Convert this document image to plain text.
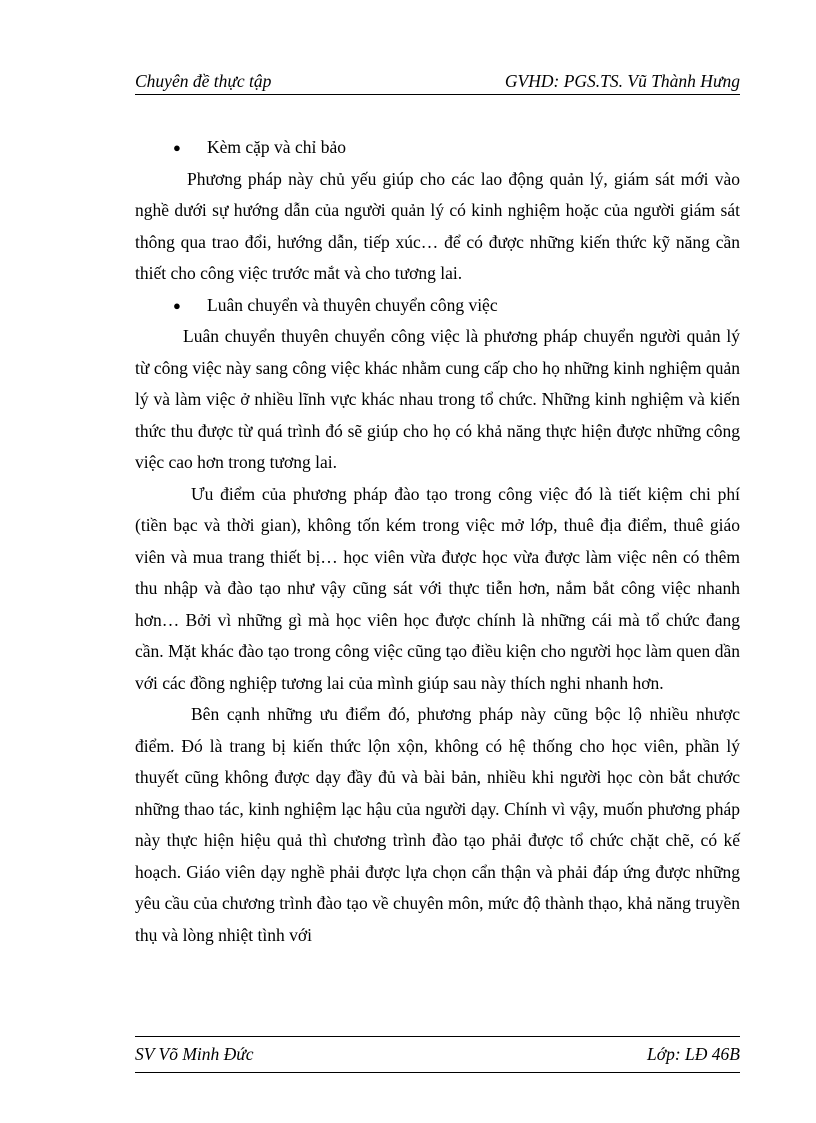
Chuyên đề thực tập	GVHD: PGS.TS. Vũ Thành Hưng
● Kèm cặp và chỉ bảo

Phương pháp này chủ yếu giúp cho các lao động quản lý, giám sát mới vào nghề dưới sự hướng dẫn của người quản lý có kinh nghiệm hoặc của người giám sát thông qua trao đổi, hướng dẫn, tiếp xúc… để có được những kiến thức kỹ năng cần thiết cho công việc trước mắt và cho tương lai.

● Luân chuyển và thuyên chuyển công việc

Luân chuyển thuyên chuyển công việc là phương pháp chuyển người quản lý từ công việc này sang công việc khác nhằm cung cấp cho họ những kinh nghiệm quản lý và làm việc ở nhiều lĩnh vực khác nhau trong tổ chức. Những kinh nghiệm và kiến thức thu được từ quá trình đó sẽ giúp cho họ có khả năng thực hiện được những công việc cao hơn trong tương lai.

Ưu điểm của phương pháp đào tạo trong công việc đó là tiết kiệm chi phí (tiền bạc và thời gian), không tốn kém trong việc mở lớp, thuê địa điểm, thuê giáo viên và mua trang thiết bị… học viên vừa được học vừa được làm việc nên có thêm thu nhập và đào tạo như vậy cũng sát với thực tiễn hơn, nắm bắt công việc nhanh hơn… Bởi vì những gì mà học viên học được chính là những cái mà tổ chức đang cần. Mặt khác đào tạo trong công việc cũng tạo điều kiện cho người học làm quen dần với các đồng nghiệp tương lai của mình giúp sau này thích nghi nhanh hơn.

Bên cạnh những ưu điểm đó, phương pháp này cũng bộc lộ nhiều nhược điểm. Đó là trang bị kiến thức lộn xộn, không có hệ thống cho học viên, phần lý thuyết cũng không được dạy đầy đủ và bài bản, nhiều khi người học còn bắt chước những thao tác, kinh nghiệm lạc hậu của người dạy. Chính vì vậy, muốn phương pháp này thực hiện hiệu quả thì chương trình đào tạo phải được tổ chức chặt chẽ, có kế hoạch. Giáo viên dạy nghề phải được lựa chọn cẩn thận và phải đáp ứng được những yêu cầu của chương trình đào tạo về chuyên môn, mức độ thành thạo, khả năng truyền thụ và lòng nhiệt tình với

SV Võ Minh Đức	Lớp: LĐ 46B
